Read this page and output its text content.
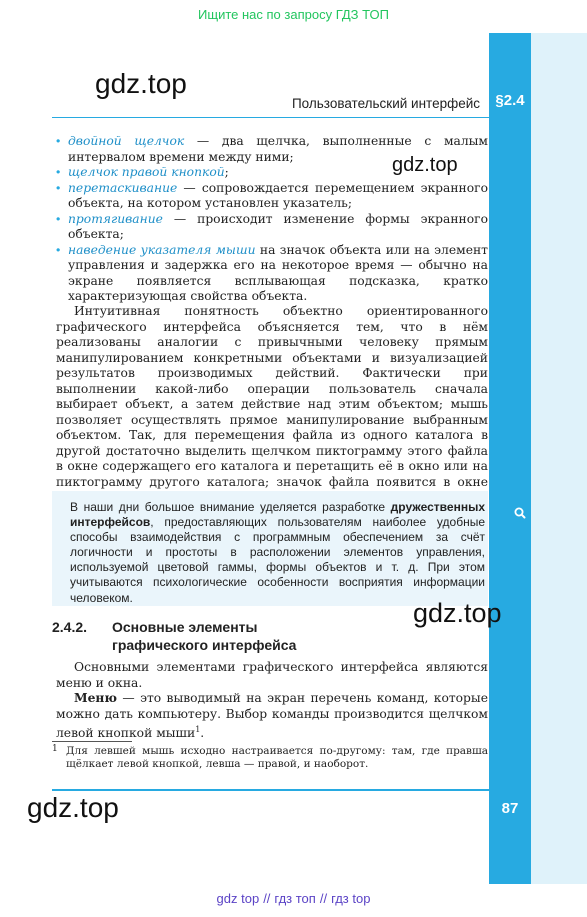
Ищите нас по запросу ГДЗ ТОП
gdz.top
Пользовательский интерфейс	§2.4
• двойной щелчок — два щелчка, выполненные с малым интервалом времени между ними;
• щелчок правой кнопкой;
• перетаскивание — сопровождается перемещением экранного объекта, на котором установлен указатель;
• протягивание — происходит изменение формы экранного объекта;
• наведение указателя мыши на значок объекта или на элемент управления и задержка его на некоторое время — обычно на экране появляется всплывающая подсказка, кратко характеризующая свойства объекта.
gdz.top
Интуитивная понятность объектно ориентированного графического интерфейса объясняется тем, что в нём реализованы аналогии с привычными человеку прямым манипулированием конкретными объектами и визуализацией результатов производимых действий. Фактически при выполнении какой-либо операции пользователь сначала выбирает объект, а затем действие над этим объектом; мышь позволяет осуществлять прямое манипулирование выбранным объектом. Так, для перемещения файла из одного каталога в другой достаточно выделить щелчком пиктограмму этого файла в окне содержащего его каталога и перетащить её в окно или на пиктограмму другого каталога; значок файла появится в окне
В наши дни большое внимание уделяется разработке дружественных интерфейсов, предоставляющих пользователям наиболее удобные способы взаимодействия с программным обеспечением за счёт логичности и простоты в расположении элементов управления, используемой цветовой гаммы, формы объектов и т. д. При этом учитываются психологические особенности восприятия информации человеком.
gdz.top
2.4.2. Основные элементы
графического интерфейса
Основными элементами графического интерфейса являются меню и окна.
Меню — это выводимый на экран перечень команд, которые можно дать компьютеру. Выбор команды производится щелчком левой кнопкой мыши$^1$.
1 Для левшей мышь исходно настраивается по-другому: там, где правша щёлкает левой кнопкой, левша — правой, и наоборот.
87
gdz.top
gdz top // гдз топ // гдз top
